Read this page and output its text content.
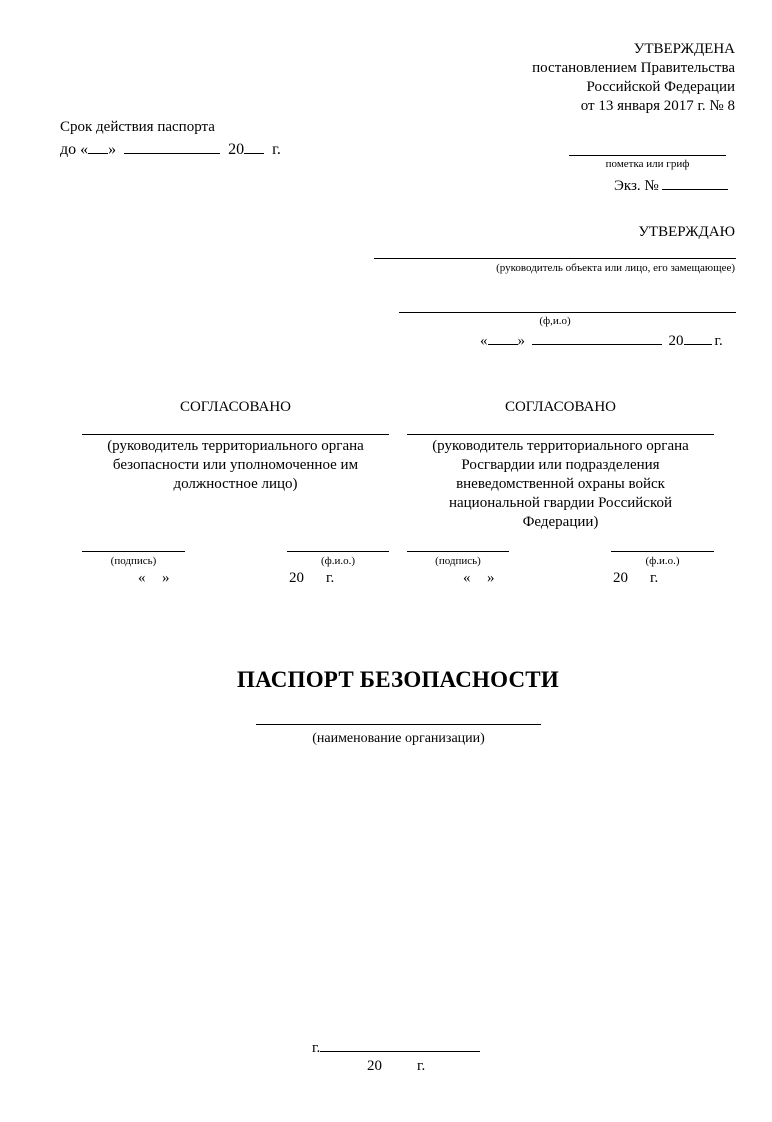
УТВЕРЖДЕНА
постановлением Правительства
Российской Федерации
от 13 января 2017 г. № 8
Срок действия паспорта
до « »	20 г.
пометка или гриф
Экз. №
УТВЕРЖДАЮ
(руководитель объекта или лицо, его замещающее)
(ф,и.о)
« »	20 г.
СОГЛАСОВАНО
(руководитель территориального органа безопасности или уполномоченное им должностное лицо)
(подпись)	(ф.и.о.)
« »	20 г.
СОГЛАСОВАНО
(руководитель территориального органа Росгвардии или подразделения вневедомственной охраны войск национальной гвардии Российской Федерации)
(подпись)	(ф.и.о.)
« »	20 г.
ПАСПОРТ БЕЗОПАСНОСТИ
(наименование организации)
г.
20 г.
